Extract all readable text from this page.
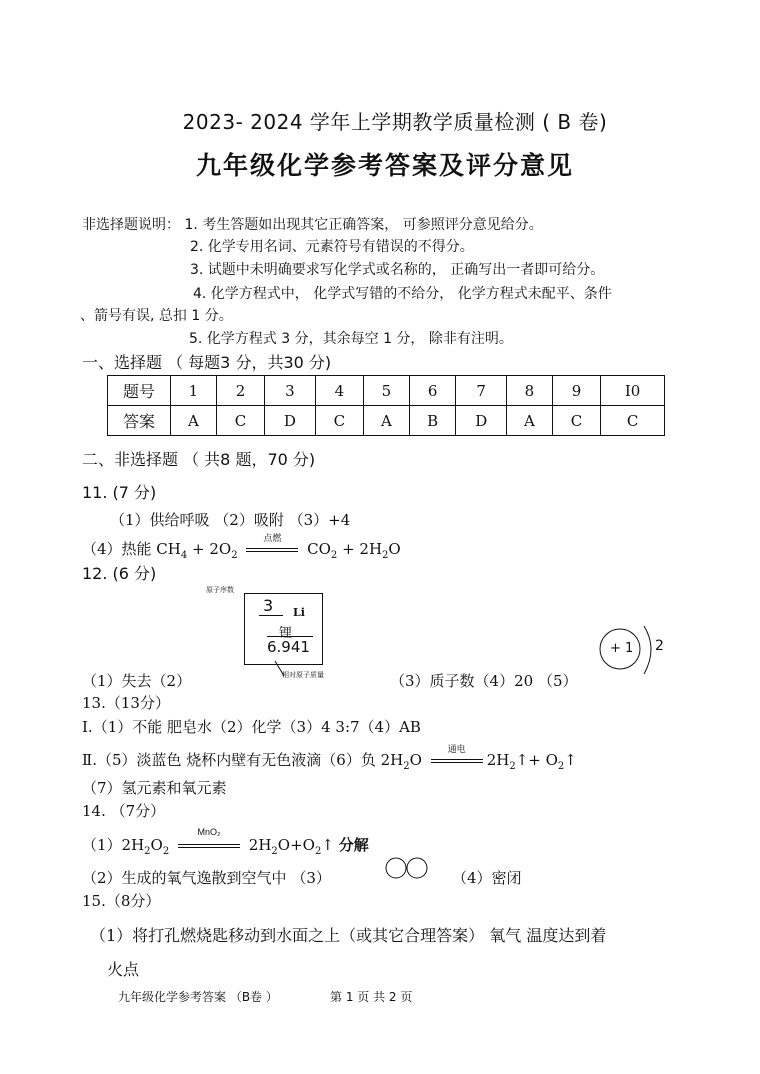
2023- 2024 学年上学期教学质量检测 ( B 卷)
九年级化学参考答案及评分意见
非选择题说明： 1. 考生答题如出现其它正确答案， 可参照评分意见给分。
2. 化学专用名词、元素符号有错误的不得分。
3. 试题中未明确要求写化学式或名称的， 正确写出一者即可给分。
4. 化学方程式中， 化学式写错的不给分， 化学方程式未配平、条件
、箭号有误, 总扣 1 分。
5. 化学方程式 3 分，其余每空 1 分， 除非有注明。
一、选择题 （ 每题3 分，共30 分)
题号	1	2	3	4	5	6	7	8	9	I0
答案	A	C	D	C	A	B	D	A	C	C
二、非选择题 （ 共8 题，70 分)
11. (7 分)
（1）供给呼吸 （2）吸附 （3）+4
（4）热能 $CH_4 + 2O_2$
点燃
$CO_2 + 2H_2O$
12. (6 分)
原子序数
3 Li
锂
6.941
相对原子质量
（1）失去（2）	（3）质子数（4）20 （5）
+ 1 2
13.（13分）
Ⅰ.（1）不能 肥皂水（2）化学（3）4 3:7（4）AB
Ⅱ.（5）淡蓝色 烧杯内壁有无色液滴（6）负 $2H_2O$
通电
$2H_2↑+$ $O_2↑$
（7）氢元素和氧元素
14. （7分）
$(1)2H_2O_2$
MnO₂
$2H_2O+O_2↑$ 分解
（2）生成的氧气逸散到空气中 （3）	（4）密闭
15.（8分）
（1）将打孔燃烧匙移动到水面之上（或其它合理答案） 氧气 温度达到着
火点
九年级化学参考答案 （B卷 ）	第 1 页 共 2 页
